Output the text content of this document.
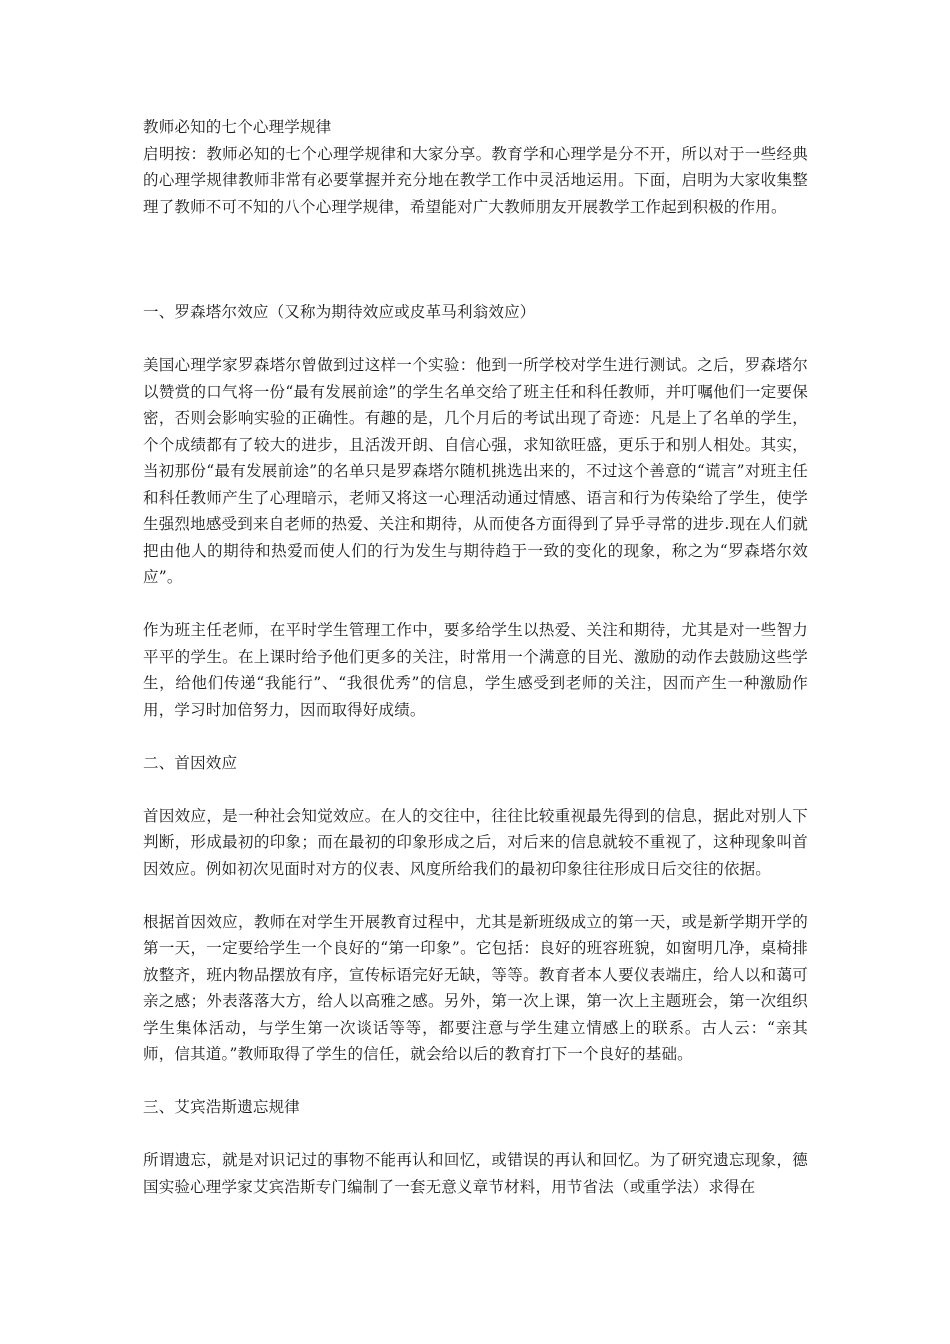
教师必知的七个心理学规律

启明按：教师必知的七个心理学规律和大家分享。教育学和心理学是分不开，所以对于一些经典的心理学规律教师非常有必要掌握并充分地在教学工作中灵活地运用。下面，启明为大家收集整理了教师不可不知的八个心理学规律，希望能对广大教师朋友开展教学工作起到积极的作用。

一、罗森塔尔效应（又称为期待效应或皮革马利翁效应）

美国心理学家罗森塔尔曾做到过这样一个实验：他到一所学校对学生进行测试。之后，罗森塔尔以赞赏的口气将一份“最有发展前途”的学生名单交给了班主任和科任教师，并叮嘱他们一定要保密，否则会影响实验的正确性。有趣的是，几个月后的考试出现了奇迹：凡是上了名单的学生，个个成绩都有了较大的进步，且活泼开朗、自信心强，求知欲旺盛，更乐于和别人相处。其实，当初那份“最有发展前途”的名单只是罗森塔尔随机挑选出来的，不过这个善意的“谎言”对班主任和科任教师产生了心理暗示，老师又将这一心理活动通过情感、语言和行为传染给了学生，使学生强烈地感受到来自老师的热爱、关注和期待，从而使各方面得到了异乎寻常的进步.现在人们就把由他人的期待和热爱而使人们的行为发生与期待趋于一致的变化的现象，称之为“罗森塔尔效应”。

作为班主任老师，在平时学生管理工作中，要多给学生以热爱、关注和期待，尤其是对一些智力平平的学生。在上课时给予他们更多的关注，时常用一个满意的目光、激励的动作去鼓励这些学生，给他们传递“我能行”、“我很优秀”的信息，学生感受到老师的关注，因而产生一种激励作用，学习时加倍努力，因而取得好成绩。

二、首因效应

首因效应，是一种社会知觉效应。在人的交往中，往往比较重视最先得到的信息，据此对别人下判断，形成最初的印象；而在最初的印象形成之后，对后来的信息就较不重视了，这种现象叫首因效应。例如初次见面时对方的仪表、风度所给我们的最初印象往往形成日后交往的依据。

根据首因效应，教师在对学生开展教育过程中，尤其是新班级成立的第一天，或是新学期开学的第一天，一定要给学生一个良好的“第一印象”。它包括：良好的班容班貌，如窗明几净，桌椅排放整齐，班内物品摆放有序，宣传标语完好无缺，等等。教育者本人要仪表端庄，给人以和蔼可亲之感；外表落落大方，给人以高雅之感。另外，第一次上课，第一次上主题班会，第一次组织学生集体活动，与学生第一次谈话等等，都要注意与学生建立情感上的联系。古人云：“亲其师，信其道。”教师取得了学生的信任，就会给以后的教育打下一个良好的基础。

三、艾宾浩斯遗忘规律

所谓遗忘，就是对识记过的事物不能再认和回忆，或错误的再认和回忆。为了研究遗忘现象，德国实验心理学家艾宾浩斯专门编制了一套无意义章节材料，用节省法（或重学法）求得在
